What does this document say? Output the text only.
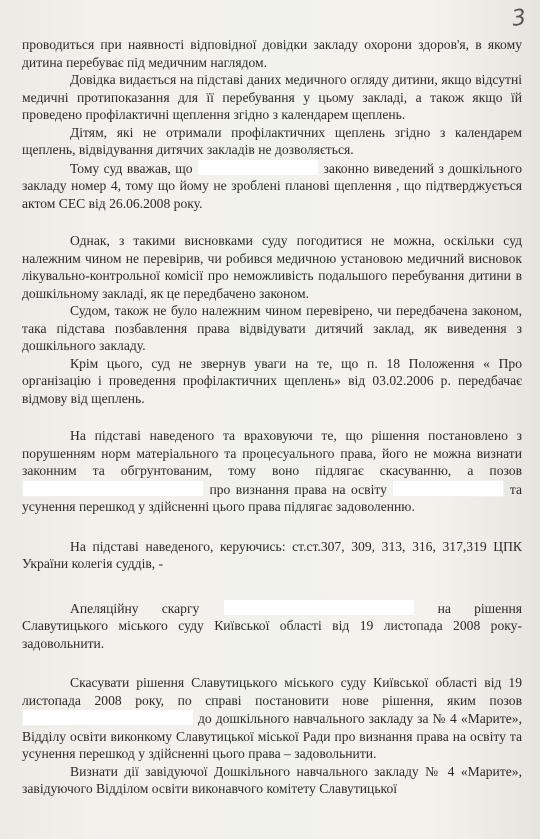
3

проводиться при наявності відповідної довідки закладу охорони здоров'я, в якому дитина перебуває під медичним наглядом.

Довідка видається на підставі даних медичного огляду дитини, якщо відсутні медичні протипоказання для її перебування у цьому закладі, а також якщо їй проведено профілактичні щеплення згідно з календарем щеплень.

Дітям, які не отримали профілактичних щеплень згідно з календарем щеплень, відвідування дитячих закладів не дозволяється.

Тому суд вважав, що	законно виведений з дошкільного закладу номер 4, тому що йому не зроблені планові щеплення , що підтверджується актом СЕС від 26.06.2008 року.

Однак, з такими висновками суду погодитися не можна, оскільки суд належним чином не перевірив, чи робився медичною установою медичний висновок лікувально-контрольної комісії про неможливість подальшого перебування дитини в дошкільному закладі, як це передбачено законом.

Судом, також не було належним чином перевірено, чи передбачена законом, така підстава позбавлення права відвідувати дитячий заклад, як виведення з дошкільного закладу.

Крім цього, суд не звернув уваги на те, що п. 18 Положення « Про організацію і проведення профілактичних щеплень» від 03.02.2006 р. передбачає відмову від щеплень.

На підставі наведеного та враховуючи те, що рішення постановлено з порушенням норм матеріального та процесуального права, його не можна визнати законним та обгрунтованим, тому воно підлягає скасуванню, а позов  про визнання права на освіту	та усунення перешкод у здійсненні цього права підлягає задоволенню.

На підставі наведеного, керуючись: ст.ст.307, 309, 313, 316, 317,319 ЦПК України колегія суддів, -

Апеляційну скаргу	на рішення Славутицького міського суду Київської області від 19 листопада 2008 року- задовольнити.

Скасувати рішення Славутицького міського суду Київської області від 19 листопада 2008 року, по справі постановити нове рішення, яким позов  до дошкільного навчального закладу за № 4 «Марите», Відділу освіти виконкому Славутицької міської Ради про визнання права на освіту та усунення перешкод у здійсненні цього права – задовольнити.

Визнати дії завідуючої Дошкільного навчального закладу № 4 «Марите», завідуючого Відділом освіти виконавчого комітету Славутицької
